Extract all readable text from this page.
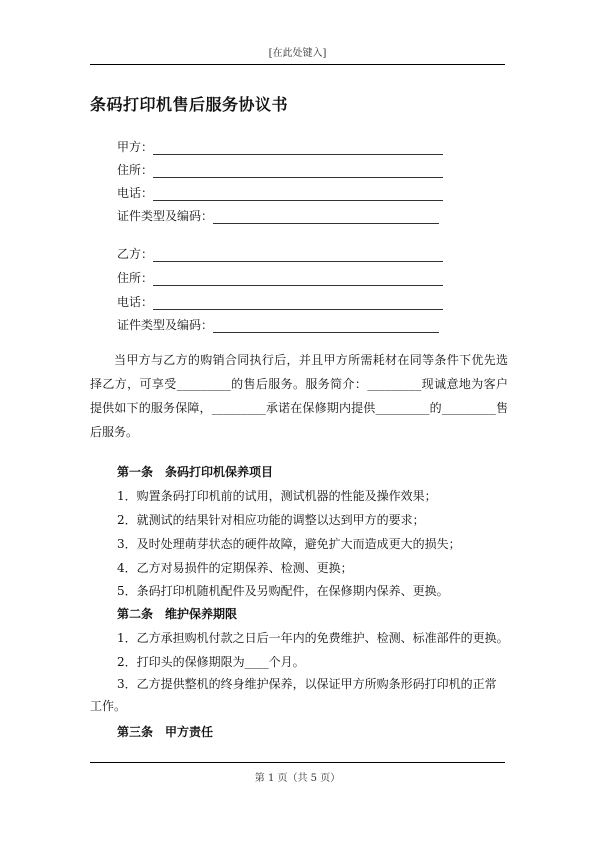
[在此处键入]
条码打印机售后服务协议书
甲方：
住所：
电话：
证件类型及编码：
乙方：
住所：
电话：
证件类型及编码：
当甲方与乙方的购销合同执行后，并且甲方所需耗材在同等条件下优先选择乙方，可享受_________的售后服务。服务简介：_________现诚意地为客户提供如下的服务保障，_________承诺在保修期内提供_________的_________售后服务。
第一条　条码打印机保养项目
1．购置条码打印机前的试用，测试机器的性能及操作效果；
2．就测试的结果针对相应功能的调整以达到甲方的要求；
3．及时处理萌芽状态的硬件故障，避免扩大而造成更大的损失；
4．乙方对易损件的定期保养、检测、更换；
5．条码打印机随机配件及另购配件，在保修期内保养、更换。
第二条　维护保养期限
1．乙方承担购机付款之日后一年内的免费维护、检测、标准部件的更换。
2．打印头的保修期限为____个月。
3．乙方提供整机的终身维护保养，以保证甲方所购条形码打印机的正常工作。
第三条　甲方责任
第 1 页（共 5 页）
